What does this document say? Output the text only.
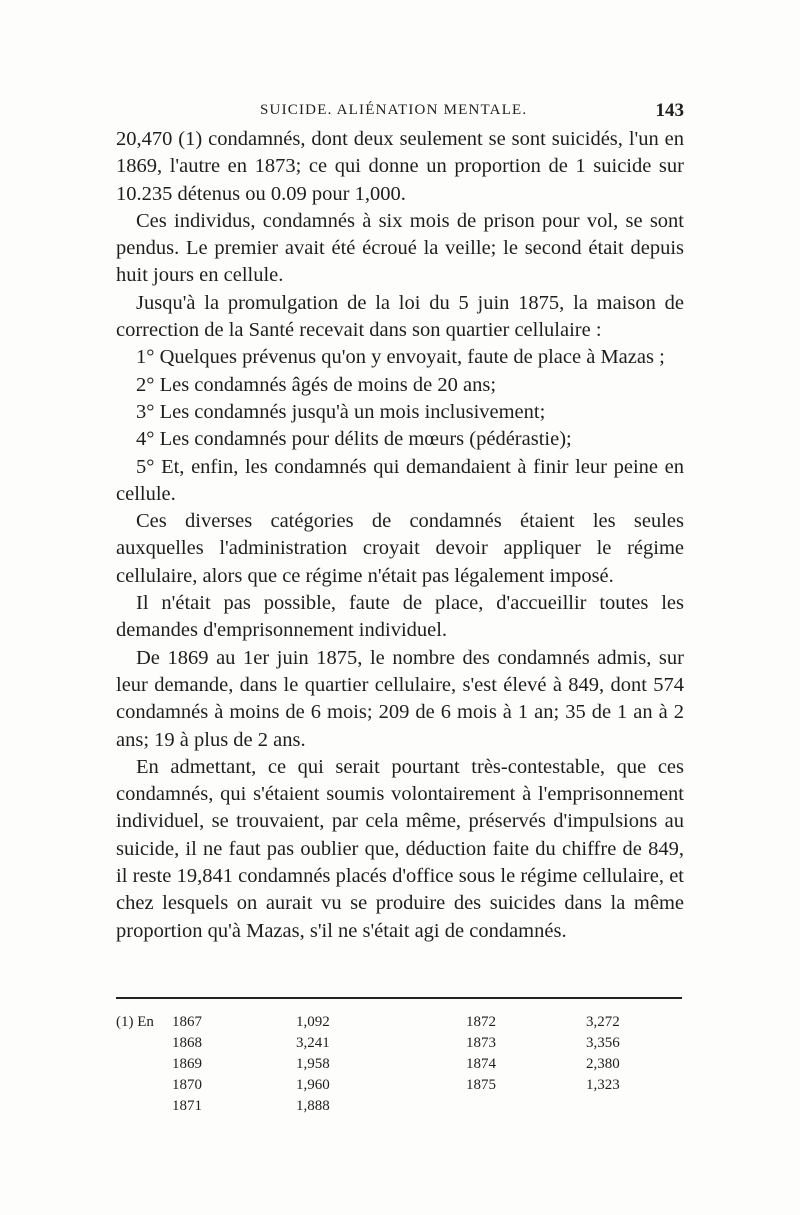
SUICIDE. ALIÉNATION MENTALE.	143

20,470 (1) condamnés, dont deux seulement se sont suicidés, l'un en 1869, l'autre en 1873; ce qui donne un proportion de 1 suicide sur 10.235 détenus ou 0.09 pour 1,000.

Ces individus, condamnés à six mois de prison pour vol, se sont pendus. Le premier avait été écroué la veille; le second était depuis huit jours en cellule.

Jusqu'à la promulgation de la loi du 5 juin 1875, la maison de correction de la Santé recevait dans son quartier cellulaire :

1° Quelques prévenus qu'on y envoyait, faute de place à Mazas ;

2° Les condamnés âgés de moins de 20 ans;

3° Les condamnés jusqu'à un mois inclusivement;

4° Les condamnés pour délits de mœurs (pédérastie);

5° Et, enfin, les condamnés qui demandaient à finir leur peine en cellule.

Ces diverses catégories de condamnés étaient les seules auxquelles l'administration croyait devoir appliquer le régime cellulaire, alors que ce régime n'était pas légalement imposé.

Il n'était pas possible, faute de place, d'accueillir toutes les demandes d'emprisonnement individuel.

De 1869 au 1er juin 1875, le nombre des condamnés admis, sur leur demande, dans le quartier cellulaire, s'est élevé à 849, dont 574 condamnés à moins de 6 mois; 209 de 6 mois à 1 an; 35 de 1 an à 2 ans; 19 à plus de 2 ans.

En admettant, ce qui serait pourtant très-contestable, que ces condamnés, qui s'étaient soumis volontairement à l'emprisonnement individuel, se trouvaient, par cela même, préservés d'impulsions au suicide, il ne faut pas oublier que, déduction faite du chiffre de 849, il reste 19,841 condamnés placés d'office sous le régime cellulaire, et chez lesquels on aurait vu se produire des suicides dans la même proportion qu'à Mazas, s'il ne s'était agi de condamnés.

(1) En 1867	1,092	1872	3,272
1868	3,241	1873	3,356
1869	1,958	1874	2,380
1870	1,960	1875	1,323
1871	1,888
